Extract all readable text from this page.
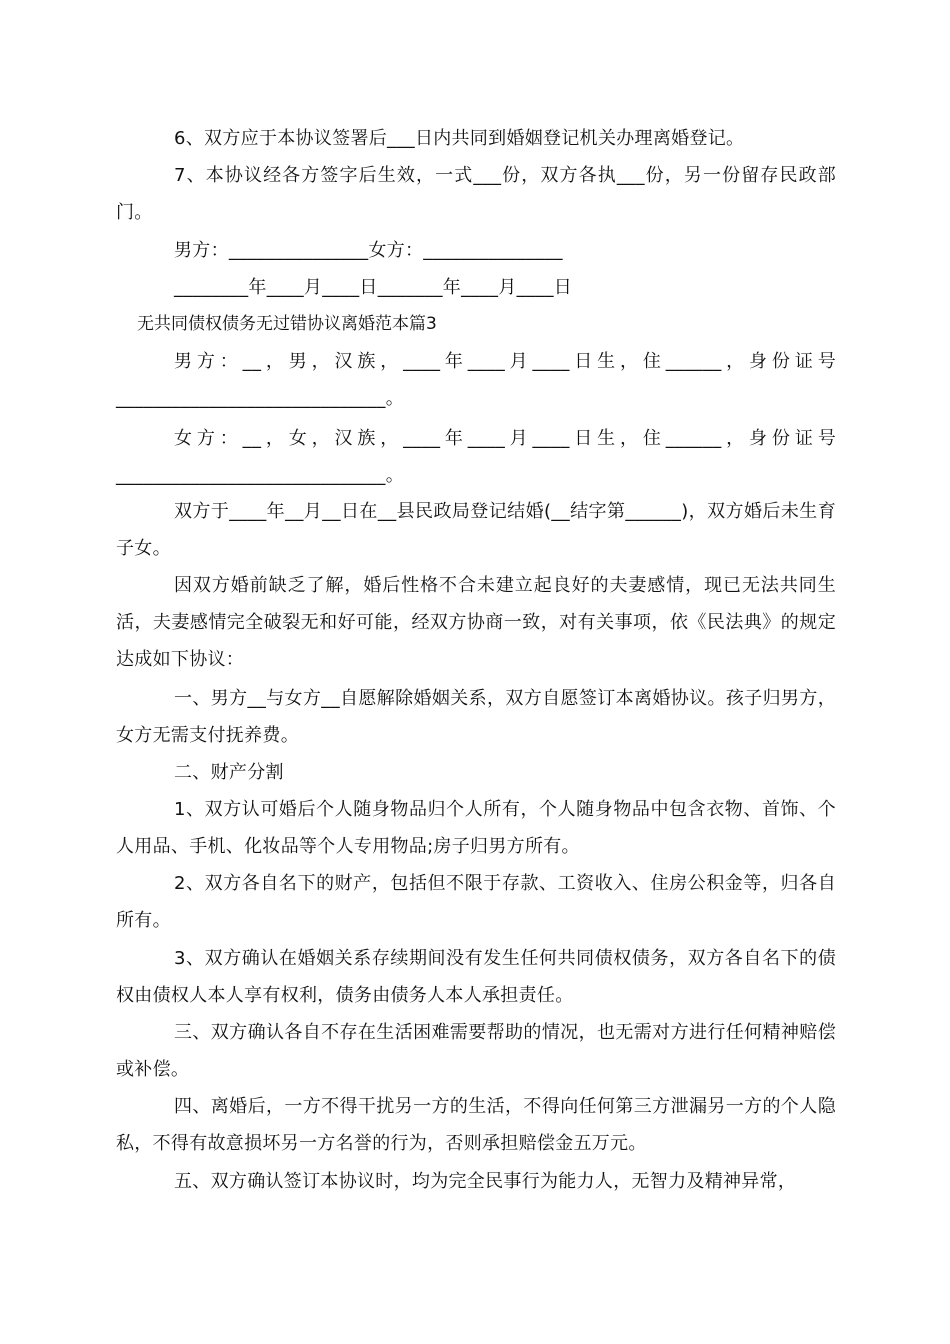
6、双方应于本协议签署后___日内共同到婚姻登记机关办理离婚登记。

7、本协议经各方签字后生效，一式___份，双方各执___份，另一份留存民政部门。

男方：_______________女方：_______________
________年____月____日_______年____月____日
无共同债权债务无过错协议离婚范本篇3

男方：__，男，汉族，____年____月____日生，住______，身份证号_____________________________。

女方：__，女，汉族，____年____月____日生，住______，身份证号_____________________________。

双方于____年__月__日在__县民政局登记结婚(__结字第______)，双方婚后未生育子女。

因双方婚前缺乏了解，婚后性格不合未建立起良好的夫妻感情，现已无法共同生活，夫妻感情完全破裂无和好可能，经双方协商一致，对有关事项，依《民法典》的规定达成如下协议：

一、男方__与女方__自愿解除婚姻关系，双方自愿签订本离婚协议。孩子归男方，女方无需支付抚养费。

二、财产分割

1、双方认可婚后个人随身物品归个人所有，个人随身物品中包含衣物、首饰、个人用品、手机、化妆品等个人专用物品;房子归男方所有。

2、双方各自名下的财产，包括但不限于存款、工资收入、住房公积金等，归各自所有。

3、双方确认在婚姻关系存续期间没有发生任何共同债权债务，双方各自名下的债权由债权人本人享有权利，债务由债务人本人承担责任。

三、双方确认各自不存在生活困难需要帮助的情况，也无需对方进行任何精神赔偿或补偿。

四、离婚后，一方不得干扰另一方的生活，不得向任何第三方泄漏另一方的个人隐私，不得有故意损坏另一方名誉的行为，否则承担赔偿金五万元。

五、双方确认签订本协议时，均为完全民事行为能力人，无智力及精神异常，
